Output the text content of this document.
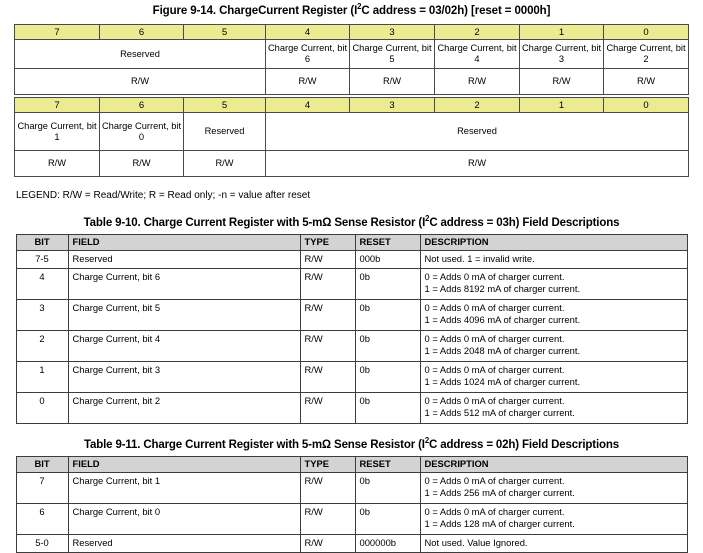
Figure 9-14. ChargeCurrent Register ($I^2C$ address = 03/02h) [reset = 0000h]
7	6	5	4	3	2	1	0
Reserved			Charge Current, bit 6	Charge Current, bit 5	Charge Current, bit 4	Charge Current, bit 3	Charge Current, bit 2
R/W			R/W	R/W	R/W	R/W	R/W
7	6	5	4	3	2	1	0
Charge Current, bit 1	Charge Current, bit 0	Reserved	Reserved				
R/W	R/W	R/W	R/W				
LEGEND: R/W = Read/Write; R = Read only; -n = value after reset
Table 9-10. Charge Current Register with 5-mΩ Sense Resistor ($I^2C$ address = 03h) Field Descriptions
BIT	FIELD	TYPE	RESET	DESCRIPTION
7-5	Reserved	R/W	000b	Not used. 1 = invalid write.

4	Charge Current, bit 6	R/W	0b	0 = Adds 0 mA of charger current.
1 = Adds 8192 mA of charger current.

3	Charge Current, bit 5	R/W	0b	0 = Adds 0 mA of charger current.
1 = Adds 4096 mA of charger current.

2	Charge Current, bit 4	R/W	0b	0 = Adds 0 mA of charger current.
1 = Adds 2048 mA of charger current.

1	Charge Current, bit 3	R/W	0b	0 = Adds 0 mA of charger current.
1 = Adds 1024 mA of charger current.

0	Charge Current, bit 2	R/W	0b	0 = Adds 0 mA of charger current.
1 = Adds 512 mA of charger current.
Table 9-11. Charge Current Register with 5-mΩ Sense Resistor ($I^2C$ address = 02h) Field Descriptions
BIT	FIELD	TYPE	RESET	DESCRIPTION
7	Charge Current, bit 1	R/W	0b	0 = Adds 0 mA of charger current.
1 = Adds 256 mA of charger current.

6	Charge Current, bit 0	R/W	0b	0 = Adds 0 mA of charger current.
1 = Adds 128 mA of charger current.

5-0	Reserved	R/W	000000b	Not used. Value Ignored.
